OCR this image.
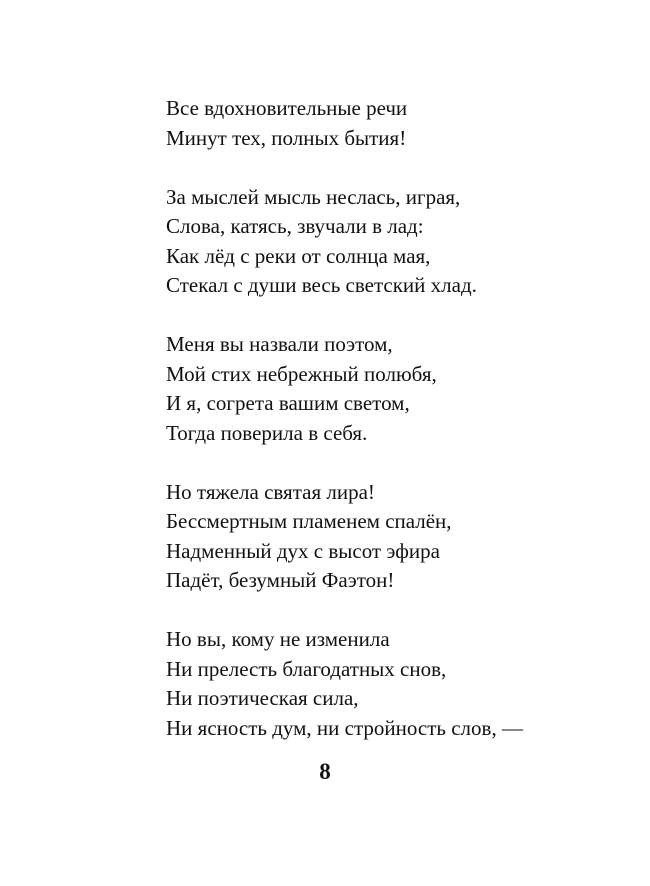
Все вдохновительные речи
Минут тех, полных бытия!
За мыслей мысль неслась, играя,
Слова, катясь, звучали в лад:
Как лёд с реки от солнца мая,
Стекал с души весь светский хлад.
Меня вы назвали поэтом,
Мой стих небрежный полюбя,
И я, согрета вашим светом,
Тогда поверила в себя.
Но тяжела святая лира!
Бессмертным пламенем спалён,
Надменный дух с высот эфира
Падёт, безумный Фаэтон!
Но вы, кому не изменила
Ни прелесть благодатных снов,
Ни поэтическая сила,
Ни ясность дум, ни стройность слов, —
8
